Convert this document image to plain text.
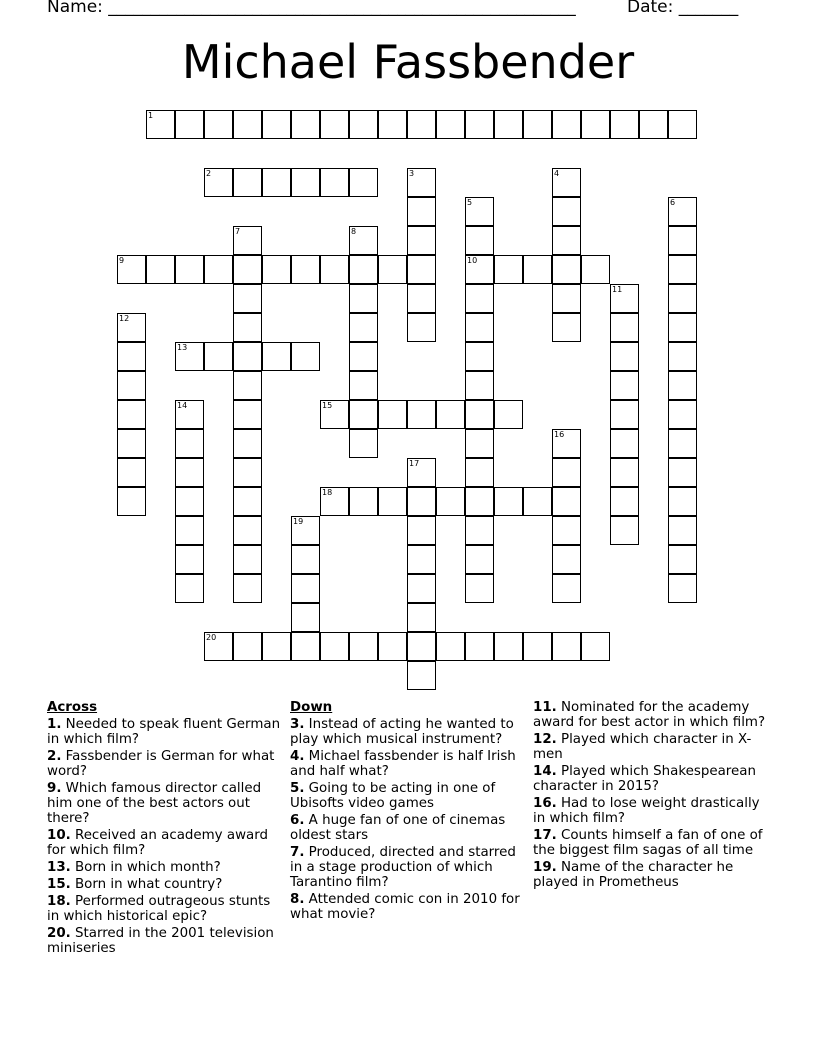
Name: _______________________________________________________	Date: _______
Michael Fassbender
1
2	3	4
5
10
6
7	8
9
11
12
13
14	15
16
17
18
19
20
Across
1. Needed to speak fluent German in which film?
2. Fassbender is German for what word?
9. Which famous director called him one of the best actors out there?
10. Received an academy award for which film?
13. Born in which month?
15. Born in what country?
18. Performed outrageous stunts in which historical epic?
20. Starred in the 2001 television miniseries
Down
3. Instead of acting he wanted to play which musical instrument?
4. Michael fassbender is half Irish and half what?
5. Going to be acting in one of Ubisofts video games
6. A huge fan of one of cinemas oldest stars
7. Produced, directed and starred in a stage production of which Tarantino film?
8. Attended comic con in 2010 for what movie?
11. Nominated for the academy award for best actor in which film?
12. Played which character in X-men
14. Played which Shakespearean character in 2015?
16. Had to lose weight drastically in which film?
17. Counts himself a fan of one of the biggest film sagas of all time
19. Name of the character he played in Prometheus
